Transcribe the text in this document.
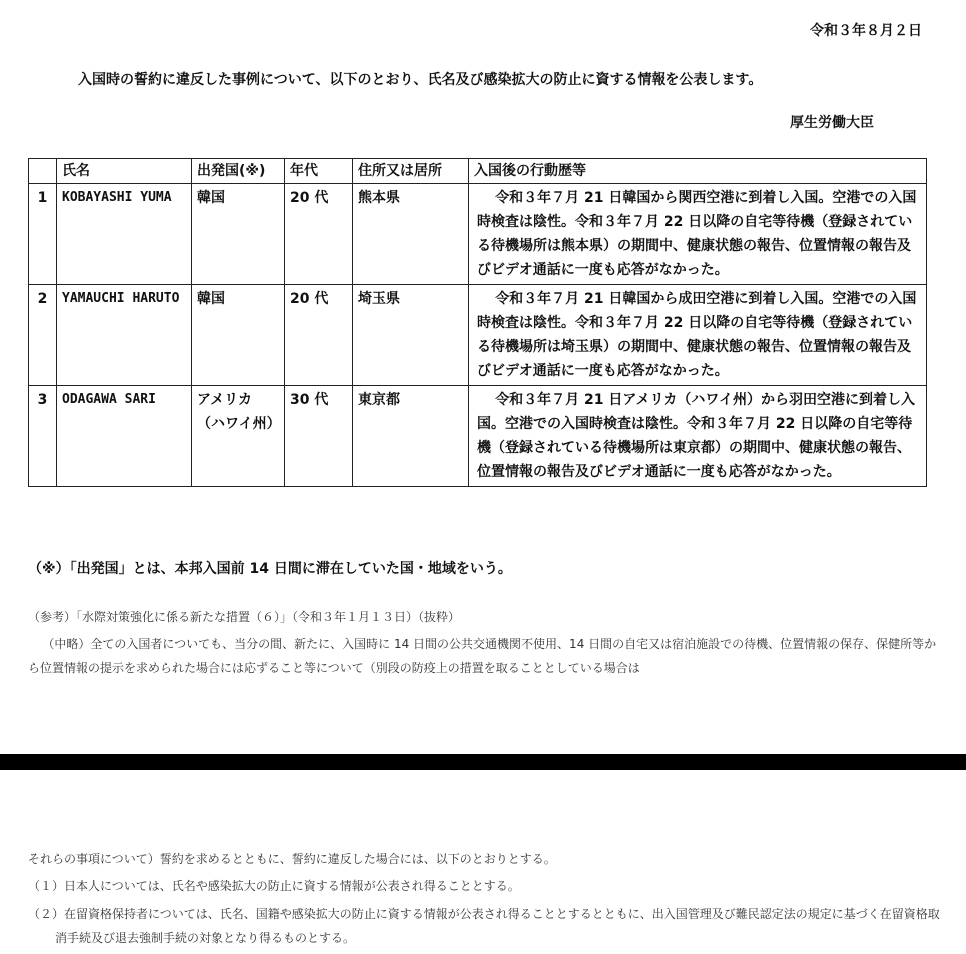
令和３年８月２日
入国時の誓約に違反した事例について、以下のとおり、氏名及び感染拡大の防止に資する情報を公表します。
厚生労働大臣
	氏名	出発国(※)	年代	住所又は居所	入国後の行動歴等
1	KOBAYASHI YUMA	韓国	20 代	熊本県	令和３年７月 21 日韓国から関西空港に到着し入国。空港での入国時検査は陰性。令和３年７月 22 日以降の自宅等待機（登録されている待機場所は熊本県）の期間中、健康状態の報告、位置情報の報告及びビデオ通話に一度も応答がなかった。
2	YAMAUCHI HARUTO	韓国	20 代	埼玉県	令和３年７月 21 日韓国から成田空港に到着し入国。空港での入国時検査は陰性。令和３年７月 22 日以降の自宅等待機（登録されている待機場所は埼玉県）の期間中、健康状態の報告、位置情報の報告及びビデオ通話に一度も応答がなかった。
3	ODAGAWA SARI	アメリカ（ハワイ州）	30 代	東京都	令和３年７月 21 日アメリカ（ハワイ州）から羽田空港に到着し入国。空港での入国時検査は陰性。令和３年７月 22 日以降の自宅等待機（登録されている待機場所は東京都）の期間中、健康状態の報告、位置情報の報告及びビデオ通話に一度も応答がなかった。
（※）「出発国」とは、本邦入国前 14 日間に滞在していた国・地域をいう。
（参考）「水際対策強化に係る新たな措置（６）」（令和３年１月１３日）（抜粋）
（中略）全ての入国者についても、当分の間、新たに、入国時に 14 日間の公共交通機関不使用、14 日間の自宅又は宿泊施設での待機、位置情報の保存、保健所等から位置情報の提示を求められた場合には応ずること等について（別段の防疫上の措置を取ることとしている場合は
それらの事項について）誓約を求めるとともに、誓約に違反した場合には、以下のとおりとする。
（１）日本人については、氏名や感染拡大の防止に資する情報が公表され得ることとする。
（２）在留資格保持者については、氏名、国籍や感染拡大の防止に資する情報が公表され得ることとするとともに、出入国管理及び難民認定法の規定に基づく在留資格取消手続及び退去強制手続の対象となり得るものとする。
